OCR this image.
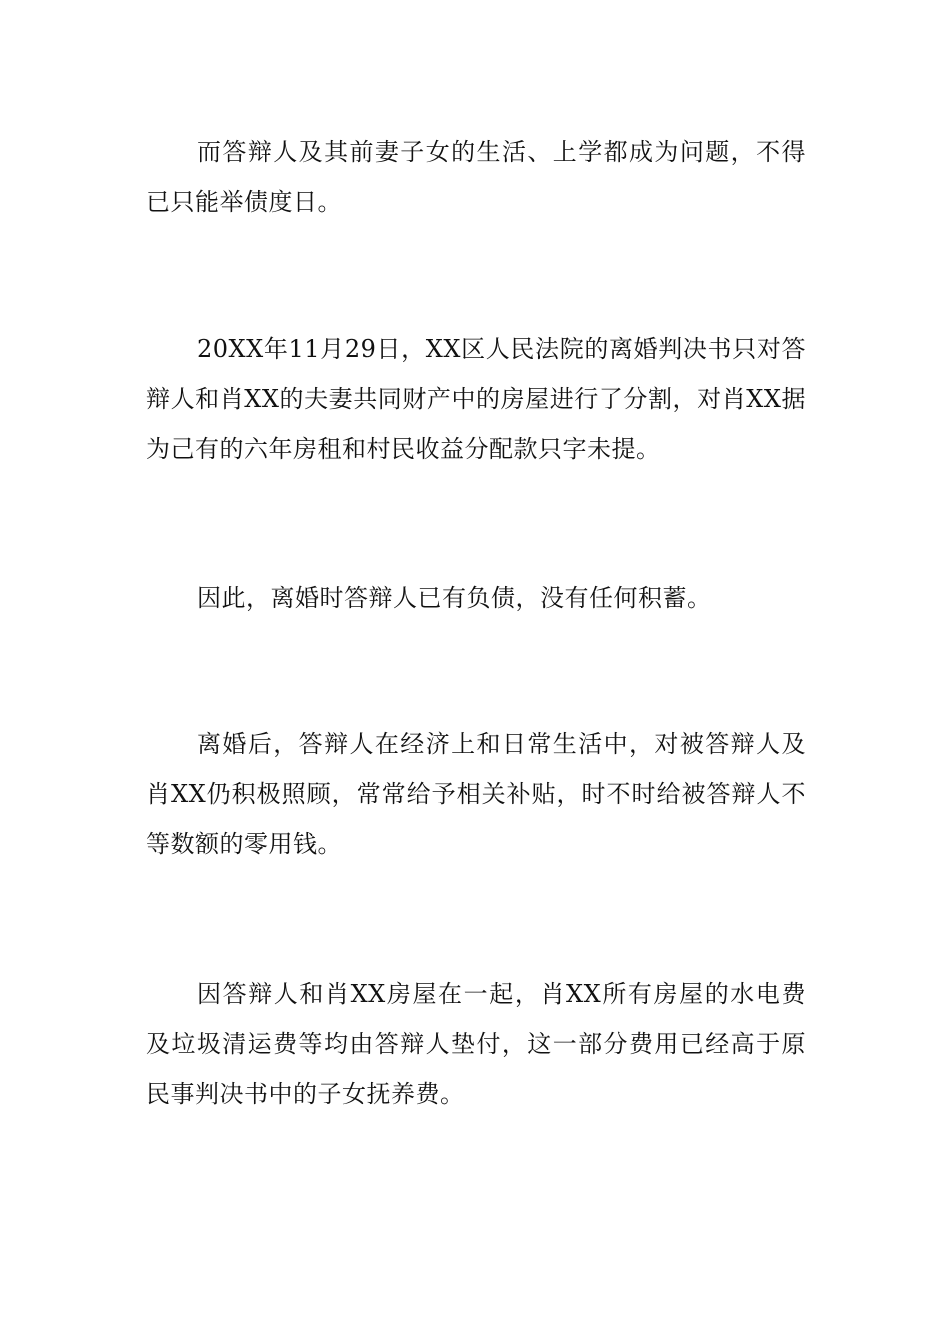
而答辩人及其前妻子女的生活、上学都成为问题，不得已只能举债度日。

20XX年11月29日，XX区人民法院的离婚判决书只对答辩人和肖XX的夫妻共同财产中的房屋进行了分割，对肖XX据为己有的六年房租和村民收益分配款只字未提。

因此，离婚时答辩人已有负债，没有任何积蓄。

离婚后，答辩人在经济上和日常生活中，对被答辩人及肖XX仍积极照顾，常常给予相关补贴，时不时给被答辩人不等数额的零用钱。

因答辩人和肖XX房屋在一起，肖XX所有房屋的水电费及垃圾清运费等均由答辩人垫付，这一部分费用已经高于原民事判决书中的子女抚养费。
